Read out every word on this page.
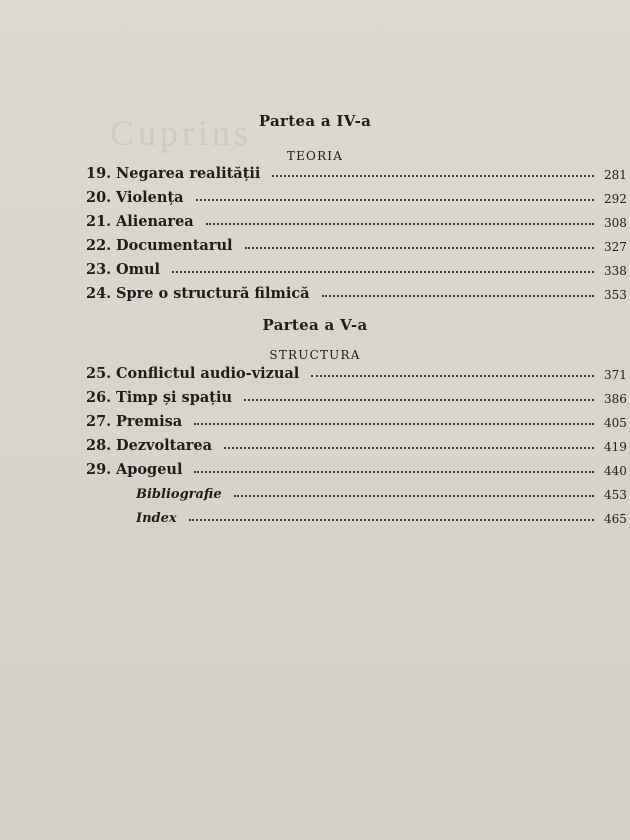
Cuprins Partea a IV-a
TEORIA
19. Negarea realității	281
20. Violența	292
21. Alienarea	308
22. Documentarul	327
23. Omul	338
24. Spre o structură filmică	353
Partea a V-a
STRUCTURA
25. Conflictul audio-vizual	371
26. Timp și spațiu	386
27. Premisa	405
28. Dezvoltarea	419
29. Apogeul	440
Bibliografie	453
Index	465
